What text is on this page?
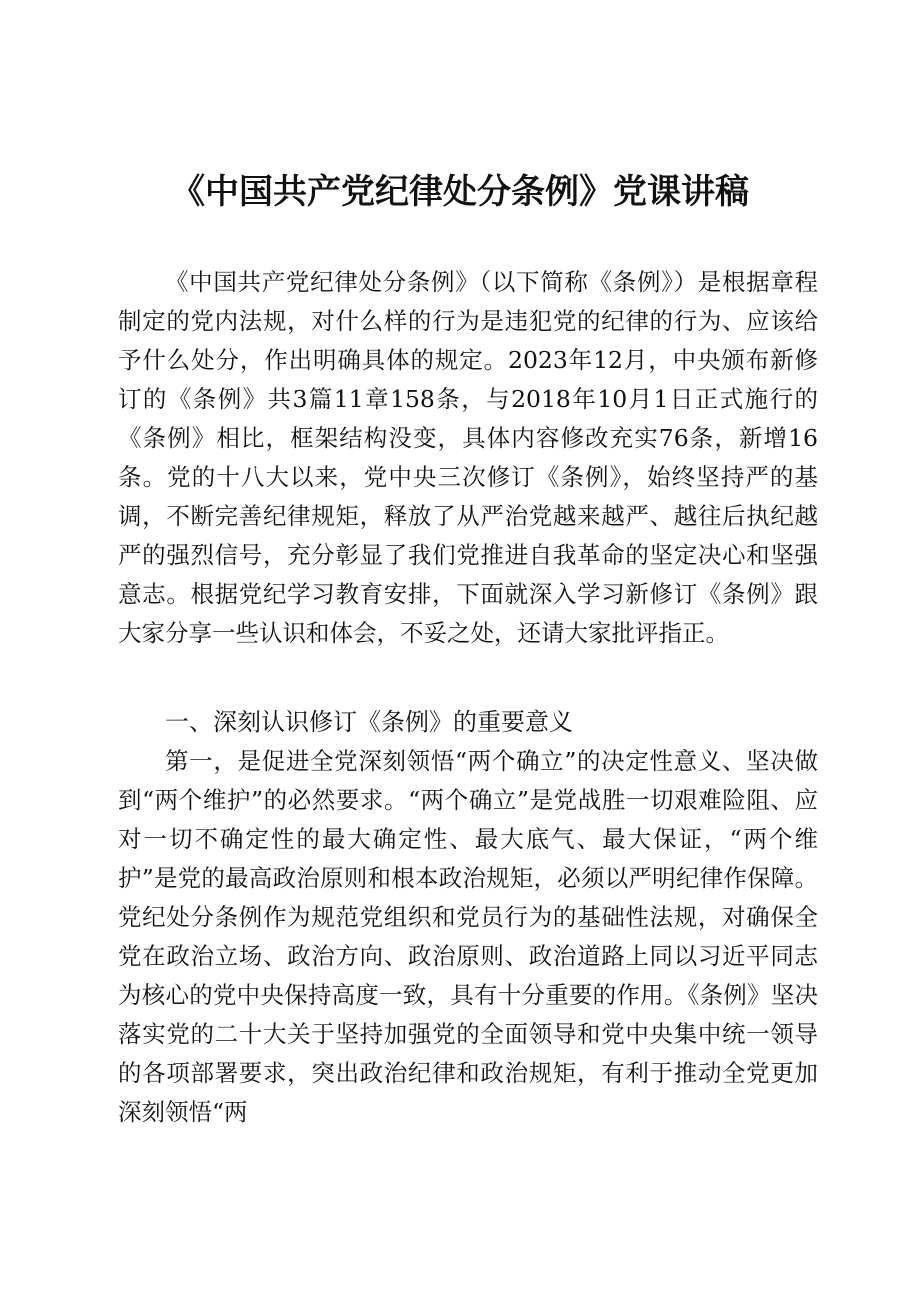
《中国共产党纪律处分条例》党课讲稿

《中国共产党纪律处分条例》（以下简称《条例》）是根据章程制定的党内法规，对什么样的行为是违犯党的纪律的行为、应该给予什么处分，作出明确具体的规定。2023年12月，中央颁布新修订的《条例》共3篇11章158条，与2018年10月1日正式施行的《条例》相比，框架结构没变，具体内容修改充实76条，新增16条。党的十八大以来，党中央三次修订《条例》，始终坚持严的基调，不断完善纪律规矩，释放了从严治党越来越严、越往后执纪越严的强烈信号，充分彰显了我们党推进自我革命的坚定决心和坚强意志。根据党纪学习教育安排，下面就深入学习新修订《条例》跟大家分享一些认识和体会，不妥之处，还请大家批评指正。

一、深刻认识修订《条例》的重要意义

第一，是促进全党深刻领悟“两个确立”的决定性意义、坚决做到“两个维护”的必然要求。“两个确立”是党战胜一切艰难险阻、应对一切不确定性的最大确定性、最大底气、最大保证，“两个维护”是党的最高政治原则和根本政治规矩，必须以严明纪律作保障。党纪处分条例作为规范党组织和党员行为的基础性法规，对确保全党在政治立场、政治方向、政治原则、政治道路上同以习近平同志为核心的党中央保持高度一致，具有十分重要的作用。《条例》坚决落实党的二十大关于坚持加强党的全面领导和党中央集中统一领导的各项部署要求，突出政治纪律和政治规矩，有利于推动全党更加深刻领悟“两
